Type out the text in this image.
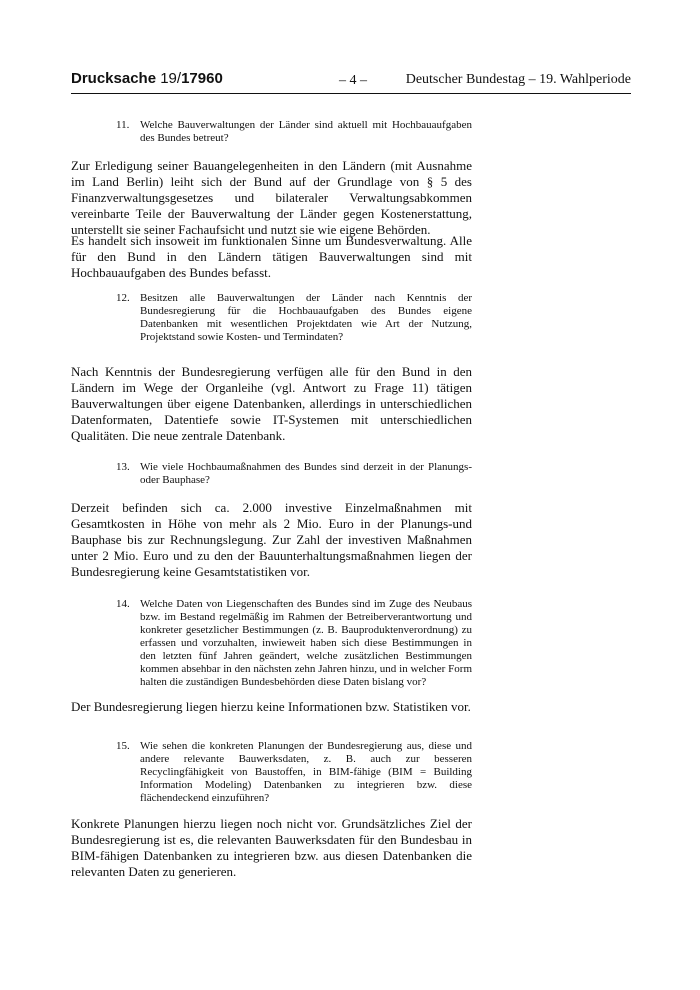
Drucksache 19/17960	– 4 –	Deutscher Bundestag – 19. Wahlperiode
11. Welche Bauverwaltungen der Länder sind aktuell mit Hochbauaufgaben des Bundes betreut?

Zur Erledigung seiner Bauangelegenheiten in den Ländern (mit Ausnahme im Land Berlin) leiht sich der Bund auf der Grundlage von § 5 des Finanzverwaltungsgesetzes und bilateraler Verwaltungsabkommen vereinbarte Teile der Bauverwaltung der Länder gegen Kostenerstattung, unterstellt sie seiner Fachaufsicht und nutzt sie wie eigene Behörden.

Es handelt sich insoweit im funktionalen Sinne um Bundesverwaltung. Alle für den Bund in den Ländern tätigen Bauverwaltungen sind mit Hochbauaufgaben des Bundes befasst.

12. Besitzen alle Bauverwaltungen der Länder nach Kenntnis der Bundesregierung für die Hochbauaufgaben des Bundes eigene Datenbanken mit wesentlichen Projektdaten wie Art der Nutzung, Projektstand sowie Kosten- und Termindaten?

Nach Kenntnis der Bundesregierung verfügen alle für den Bund in den Ländern im Wege der Organleihe (vgl. Antwort zu Frage 11) tätigen Bauverwaltungen über eigene Datenbanken, allerdings in unterschiedlichen Datenformaten, Datentiefe sowie IT-Systemen mit unterschiedlichen Qualitäten. Die neue zentrale Datenbank.

13. Wie viele Hochbaumaßnahmen des Bundes sind derzeit in der Planungs- oder Bauphase?

Derzeit befinden sich ca. 2.000 investive Einzelmaßnahmen mit Gesamtkosten in Höhe von mehr als 2 Mio. Euro in der Planungs-und Bauphase bis zur Rechnungslegung. Zur Zahl der investiven Maßnahmen unter 2 Mio. Euro und zu den der Bauunterhaltungsmaßnahmen liegen der Bundesregierung keine Gesamtstatistiken vor.

14. Welche Daten von Liegenschaften des Bundes sind im Zuge des Neubaus bzw. im Bestand regelmäßig im Rahmen der Betreiberverantwortung und konkreter gesetzlicher Bestimmungen (z. B. Bauproduktenverordnung) zu erfassen und vorzuhalten, inwieweit haben sich diese Bestimmungen in den letzten fünf Jahren geändert, welche zusätzlichen Bestimmungen kommen absehbar in den nächsten zehn Jahren hinzu, und in welcher Form halten die zuständigen Bundesbehörden diese Daten bislang vor?

Der Bundesregierung liegen hierzu keine Informationen bzw. Statistiken vor.

15. Wie sehen die konkreten Planungen der Bundesregierung aus, diese und andere relevante Bauwerksdaten, z. B. auch zur besseren Recyclingfähigkeit von Baustoffen, in BIM-fähige (BIM = Building Information Modeling) Datenbanken zu integrieren bzw. diese flächendeckend einzuführen?

Konkrete Planungen hierzu liegen noch nicht vor. Grundsätzliches Ziel der Bundesregierung ist es, die relevanten Bauwerksdaten für den Bundesbau in BIM-fähigen Datenbanken zu integrieren bzw. aus diesen Datenbanken die relevanten Daten zu generieren.
